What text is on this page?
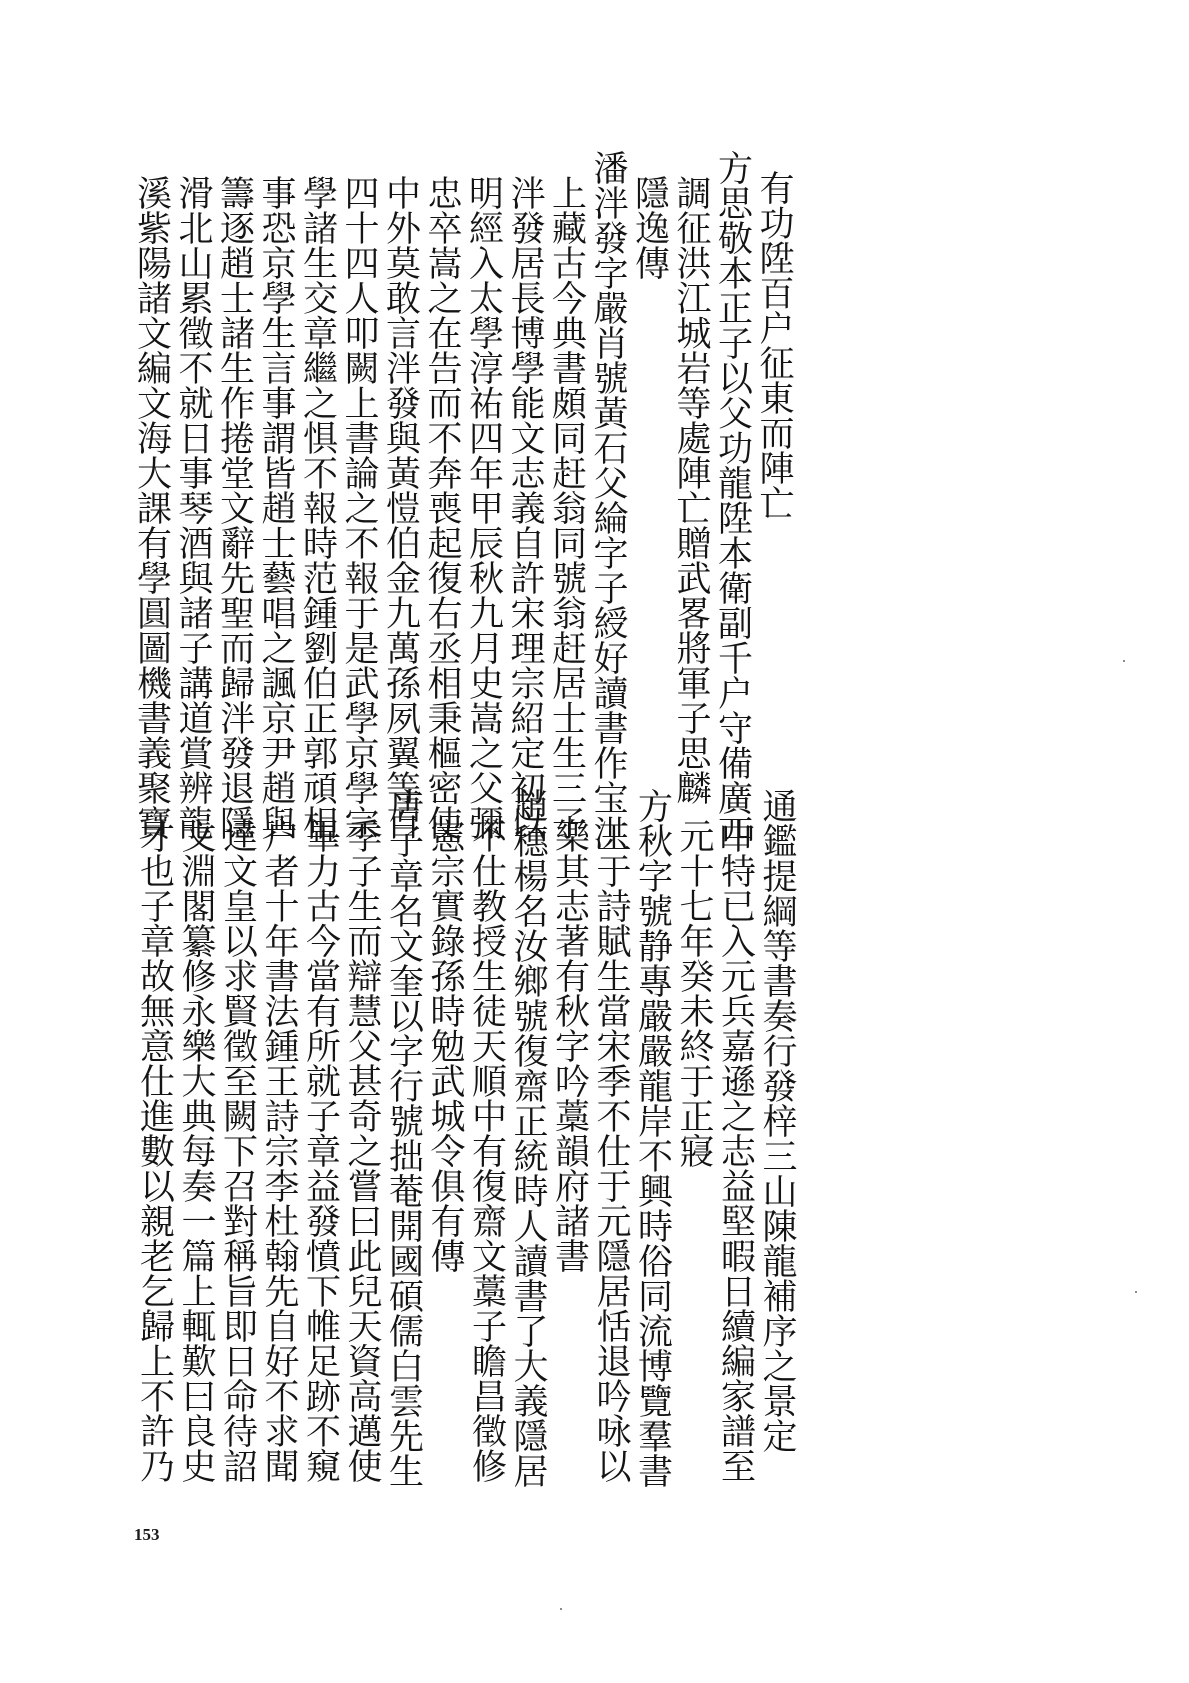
有功陞百户征東而陣亡
方思敬本正子以父功龍陞本衛副千户守備廣西
調征洪江城岩等處陣亡贈武畧將軍子思麟
隱逸傳
潘泮發字嚴肖號黃石父綸字子綬好讀書作宝洪
上藏古今典書頗同赶翁同號翁赶居士生三子
泮發居長博學能文志義自許宋理宗紹定初以
明經入太學淳祐四年甲辰秋九月史嵩之父彌
忠卒嵩之在告而不奔喪起復右丞相秉樞密使
中外莫敢言泮發與黃愷伯金九萬孫夙翼等百
四十四人叩闕上書論之不報于是武學京學宗
學諸生交章繼之惧不報時范鍾劉伯正郭頑相
事恐京學生言事謂皆趙士藝唱之諷京尹趙與
籌逐趙士諸生作捲堂文辭先聖而歸泮發退隱
滑北山累徵不就日事琴酒與諸子講道賞辨龍
溪紫陽諸文編文海大課有學圓圖機書義聚寶
通鑑提綱等書奏行發梓三山陳龍補序之景定
中特已入元兵嘉遜之志益堅暇日續編家譜至
元十七年癸未終于正寢
方秋字號静專嚴嚴龍岸不興時俗同流博覽羣書
工于詩賦生當宋季不仕于元隱居恬退吟咏以
樂其志著有秋字吟藁韻府諸書
趙穗楊名汝鄉號復齋正統時人讀書了大義隱居
不仕教授生徒天順中有復齋文藁子瞻昌徵修
憲宗實錄孫時勉武城令俱有傳
唐子章名文奎以字行號拙菴開國碩儒白雲先生
季子生而辯慧父甚奇之嘗曰此兒天資高邁使
畢力古今當有所就子章益發憤下帷足跡不窺
户者十年書法鍾王詩宗李杜翰先自好不求聞
達文皇以求賢徵至闕下召對稱旨即日命待詔
文淵閣纂修永樂大典每奏一篇上輒歎曰良史
才也子章故無意仕進數以親老乞歸上不許乃
153
